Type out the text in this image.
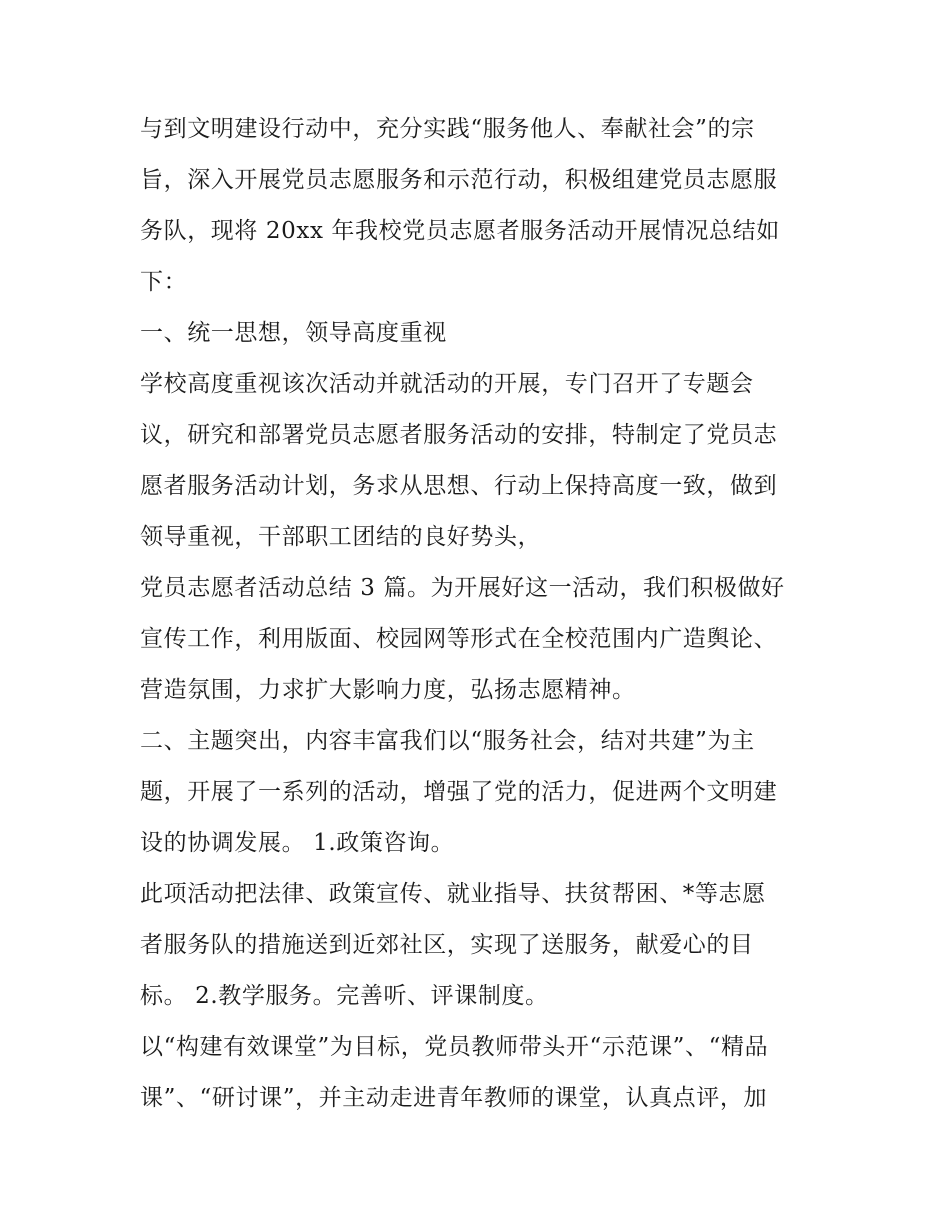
与到文明建设行动中，充分实践“服务他人、奉献社会”的宗
旨，深入开展党员志愿服务和示范行动，积极组建党员志愿服
务队，现将 20xx 年我校党员志愿者服务活动开展情况总结如
下：
一、统一思想，领导高度重视
学校高度重视该次活动并就活动的开展，专门召开了专题会
议，研究和部署党员志愿者服务活动的安排，特制定了党员志
愿者服务活动计划，务求从思想、行动上保持高度一致，做到
领导重视，干部职工团结的良好势头，
党员志愿者活动总结 3 篇。为开展好这一活动，我们积极做好
宣传工作，利用版面、校园网等形式在全校范围内广造舆论、
营造氛围，力求扩大影响力度，弘扬志愿精神。
二、主题突出，内容丰富我们以“服务社会，结对共建”为主
题，开展了一系列的活动，增强了党的活力，促进两个文明建
设的协调发展。 1.政策咨询。
此项活动把法律、政策宣传、就业指导、扶贫帮困、*等志愿
者服务队的措施送到近郊社区，实现了送服务，献爱心的目
标。 2.教学服务。完善听、评课制度。
以“构建有效课堂”为目标，党员教师带头开“示范课”、“精品
课”、“研讨课”，并主动走进青年教师的课堂，认真点评，加
